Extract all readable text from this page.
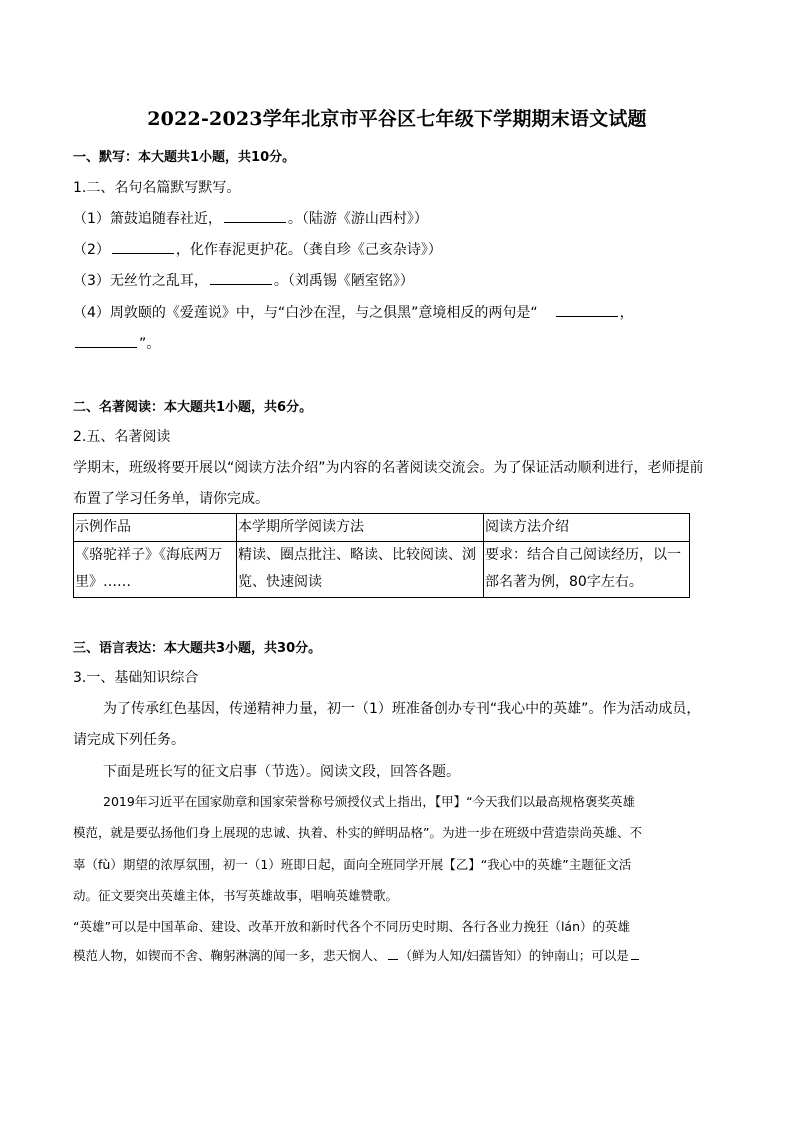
2022-2023学年北京市平谷区七年级下学期期末语文试题
一、默写：本大题共1小题，共10分。
1.二、名句名篇默写默写。
（1）箫鼓追随春社近，	。（陆游《游山西村》）
（2）	，化作春泥更护花。（龚自珍《己亥杂诗》）
（3）无丝竹之乱耳，	。（刘禹锡《陋室铭》）
（4）周敦颐的《爱莲说》中，与“白沙在涅，与之俱黑”意境相反的两句是“	，
”。
二、名著阅读：本大题共1小题，共6分。
2.五、名著阅读
学期末，班级将要开展以“阅读方法介绍”为内容的名著阅读交流会。为了保证活动顺利进行，老师提前
布置了学习任务单，请你完成。
示例作品	本学期所学阅读方法	阅读方法介绍
《骆驼祥子》《海底两万里》……	精读、圈点批注、略读、比较阅读、浏览、快速阅读	要求：结合自己阅读经历，以一部名著为例，80字左右。
三、语言表达：本大题共3小题，共30分。
3.一、基础知识综合
为了传承红色基因，传递精神力量，初一（1）班准备创办专刊“我心中的英雄”。作为活动成员，
请完成下列任务。
下面是班长写的征文启事（节选）。阅读文段，回答各题。
2019年习近平在国家勋章和国家荣誉称号颁授仪式上指出，【甲】“今天我们以最高规格褒奖英雄
模范，就是要弘扬他们身上展现的忠诚、执着、朴实的鲜明品格”。为进一步在班级中营造崇尚英雄、不
辜（fù）期望的浓厚氛围，初一（1）班即日起，面向全班同学开展【乙】“我心中的英雄”主题征文活
动。征文要突出英雄主体，书写英雄故事，唱响英雄赞歌。
“英雄”可以是中国革命、建设、改革开放和新时代各个不同历史时期、各行各业力挽狂（lán）的英雄
模范人物，如锲而不舍、鞠躬淋漓的闻一多，悲天悯人、 （鲜为人知/妇孺皆知）的钟南山；可以是
